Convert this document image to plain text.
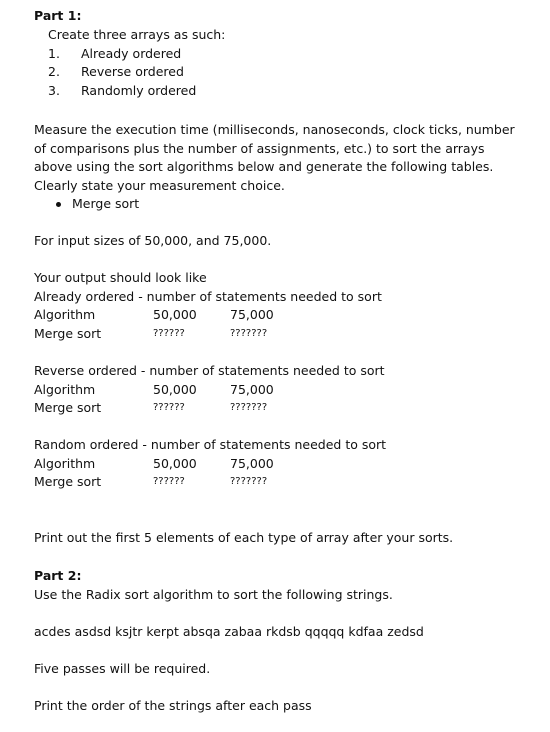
Part 1:
Create three arrays as such:
1.	Already ordered
2.	Reverse ordered
3.	Randomly ordered
Measure the execution time (milliseconds, nanoseconds, clock ticks, number
of comparisons plus the number of assignments, etc.) to sort the arrays
above using the sort algorithms below and generate the following tables.
Clearly state your measurement choice.
Merge sort
For input sizes of 50,000, and 75,000.
Your output should look like
Already ordered - number of statements needed to sort
Algorithm	50,000	75,000
Merge sort	??????	???????
Reverse ordered - number of statements needed to sort
Algorithm	50,000	75,000
Merge sort	??????	???????
Random ordered - number of statements needed to sort
Algorithm	50,000	75,000
Merge sort	??????	???????
Print out the first 5 elements of each type of array after your sorts.
Part 2:
Use the Radix sort algorithm to sort the following strings.
acdes asdsd ksjtr kerpt absqa zabaa rkdsb qqqqq kdfaa zedsd
Five passes will be required.
Print the order of the strings after each pass
